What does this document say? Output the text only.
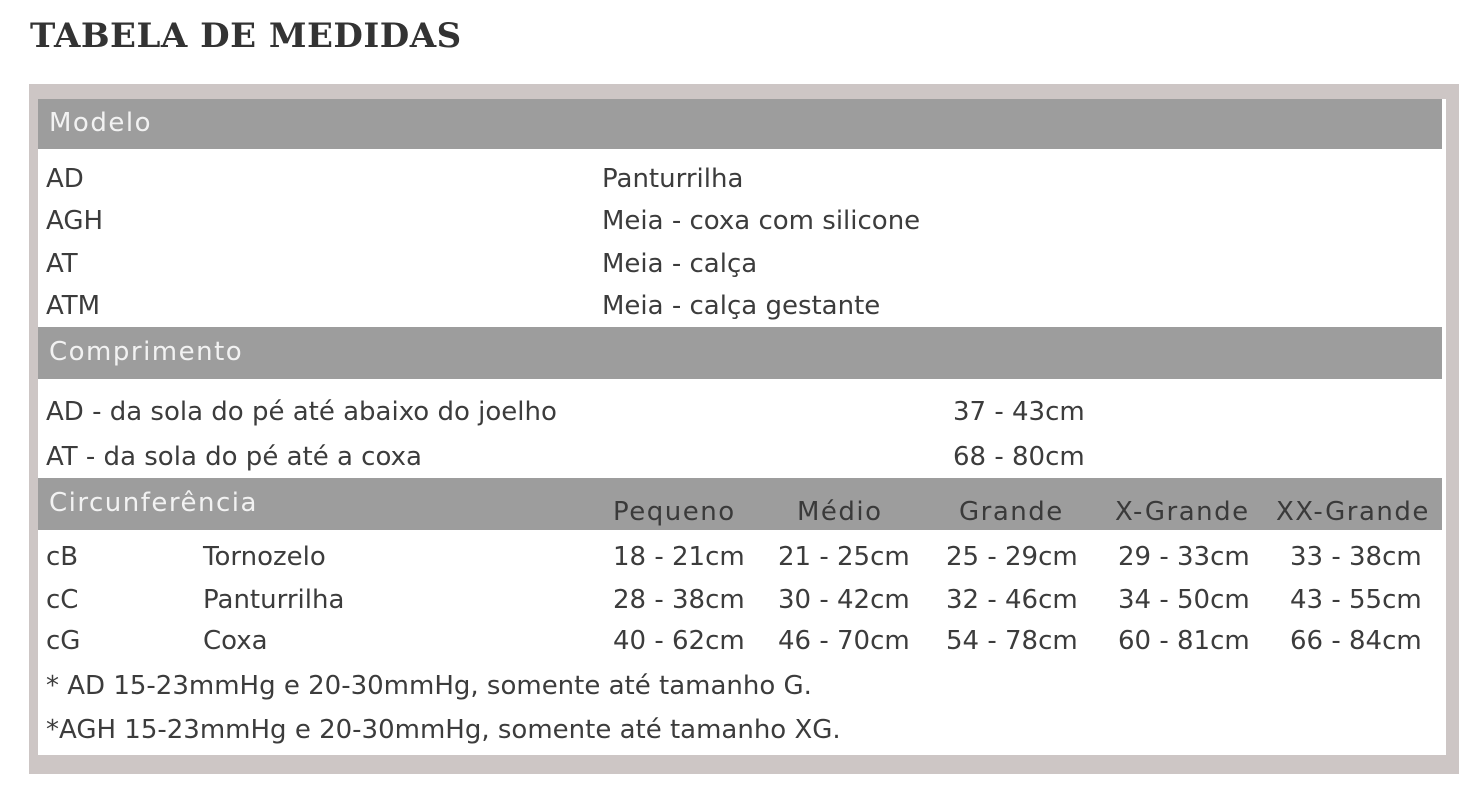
TABELA DE MEDIDAS
Modelo
AD	Panturrilha
AGH	Meia - coxa com silicone
AT	Meia - calça
ATM	Meia - calça gestante
Comprimento
AD - da sola do pé até abaixo do joelho	37 - 43cm
AT - da sola do pé até a coxa	68 - 80cm
Circunferência	Pequeno Médio	Grande X-Grande XX-Grande
cB	Tornozelo	18 - 21cm 21 - 25cm 25 - 29cm 29 - 33cm 33 - 38cm
cC	Panturrilha	28 - 38cm 30 - 42cm 32 - 46cm 34 - 50cm 43 - 55cm
cG	Coxa	40 - 62cm 46 - 70cm 54 - 78cm 60 - 81cm 66 - 84cm
* AD 15-23mmHg e 20-30mmHg, somente até tamanho G.
*AGH 15-23mmHg e 20-30mmHg, somente até tamanho XG.
